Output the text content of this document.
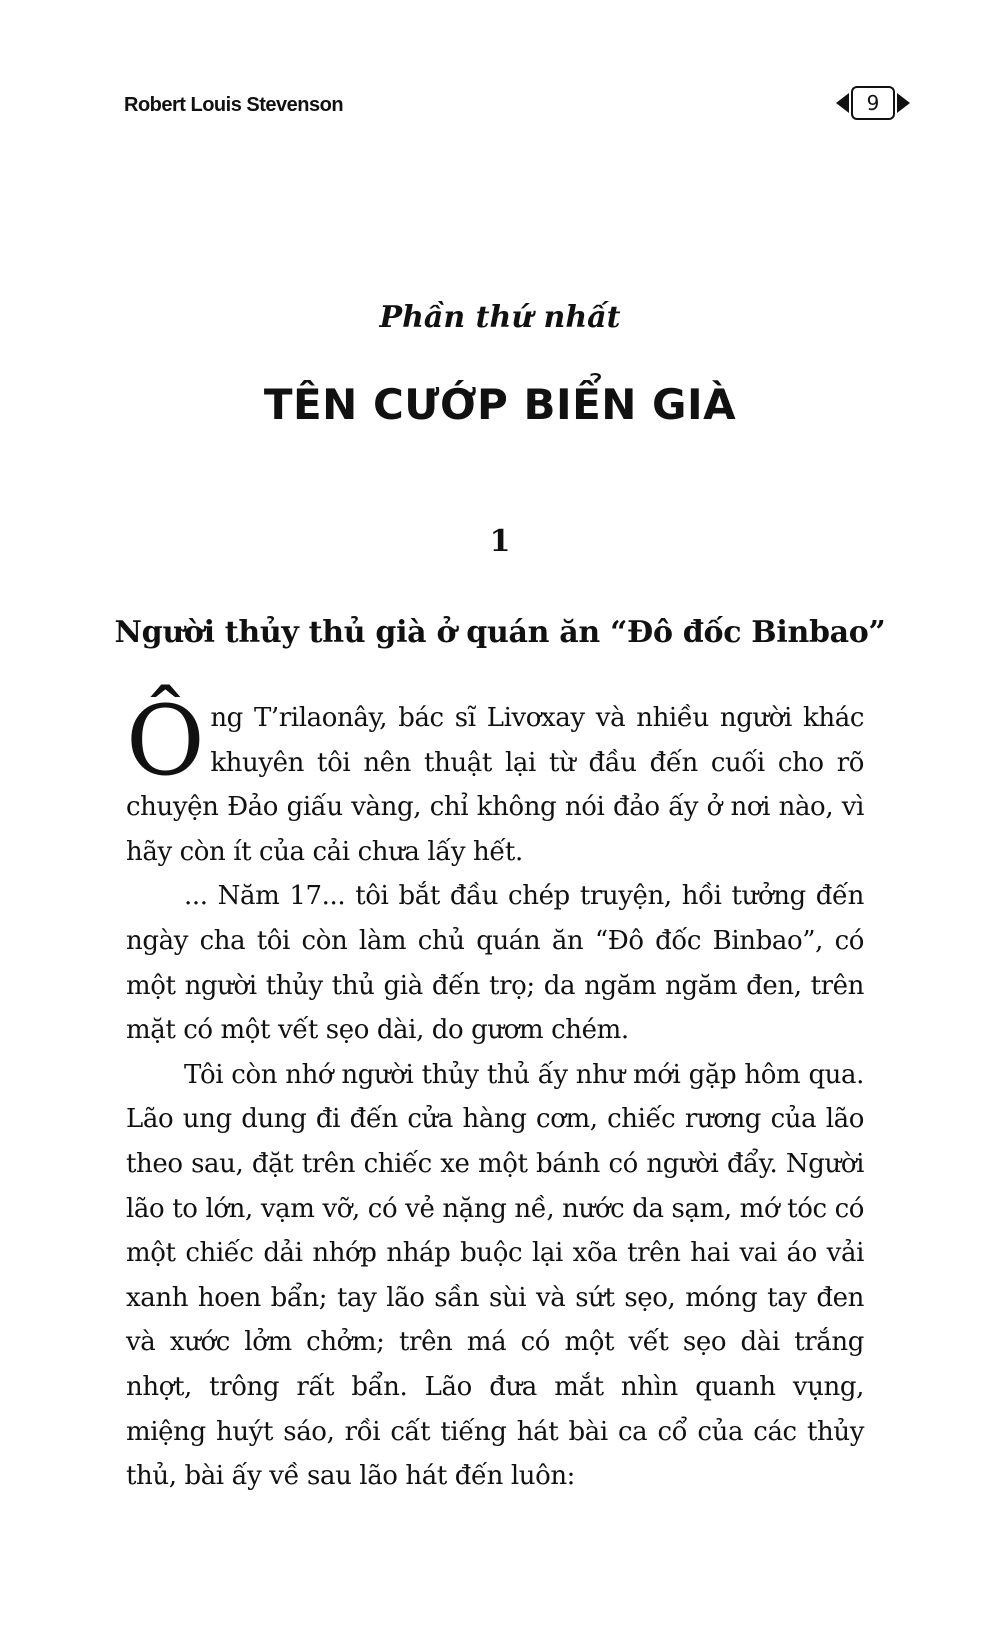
Robert Louis Stevenson	9
Phần thứ nhất
TÊN CƯỚP BIỂN GIÀ
1
Người thủy thủ già ở quán ăn “Đô đốc Binbao”

Ông T’rilaonây, bác sĩ Livơxay và nhiều người khác khuyên tôi nên thuật lại từ đầu đến cuối cho rõ chuyện Đảo giấu vàng, chỉ không nói đảo ấy ở nơi nào, vì hãy còn ít của cải chưa lấy hết.

... Năm 17... tôi bắt đầu chép truyện, hồi tưởng đến ngày cha tôi còn làm chủ quán ăn “Đô đốc Binbao”, có một người thủy thủ già đến trọ; da ngăm ngăm đen, trên mặt có một vết sẹo dài, do gươm chém.

Tôi còn nhớ người thủy thủ ấy như mới gặp hôm qua. Lão ung dung đi đến cửa hàng cơm, chiếc rương của lão theo sau, đặt trên chiếc xe một bánh có người đẩy. Người lão to lớn, vạm vỡ, có vẻ nặng nề, nước da sạm, mớ tóc có một chiếc dải nhớp nháp buộc lại xõa trên hai vai áo vải xanh hoen bẩn; tay lão sần sùi và sứt sẹo, móng tay đen và xước lởm chởm; trên má có một vết sẹo dài trắng nhợt, trông rất bẩn. Lão đưa mắt nhìn quanh vụng, miệng huýt sáo, rồi cất tiếng hát bài ca cổ của các thủy thủ, bài ấy về sau lão hát đến luôn:
